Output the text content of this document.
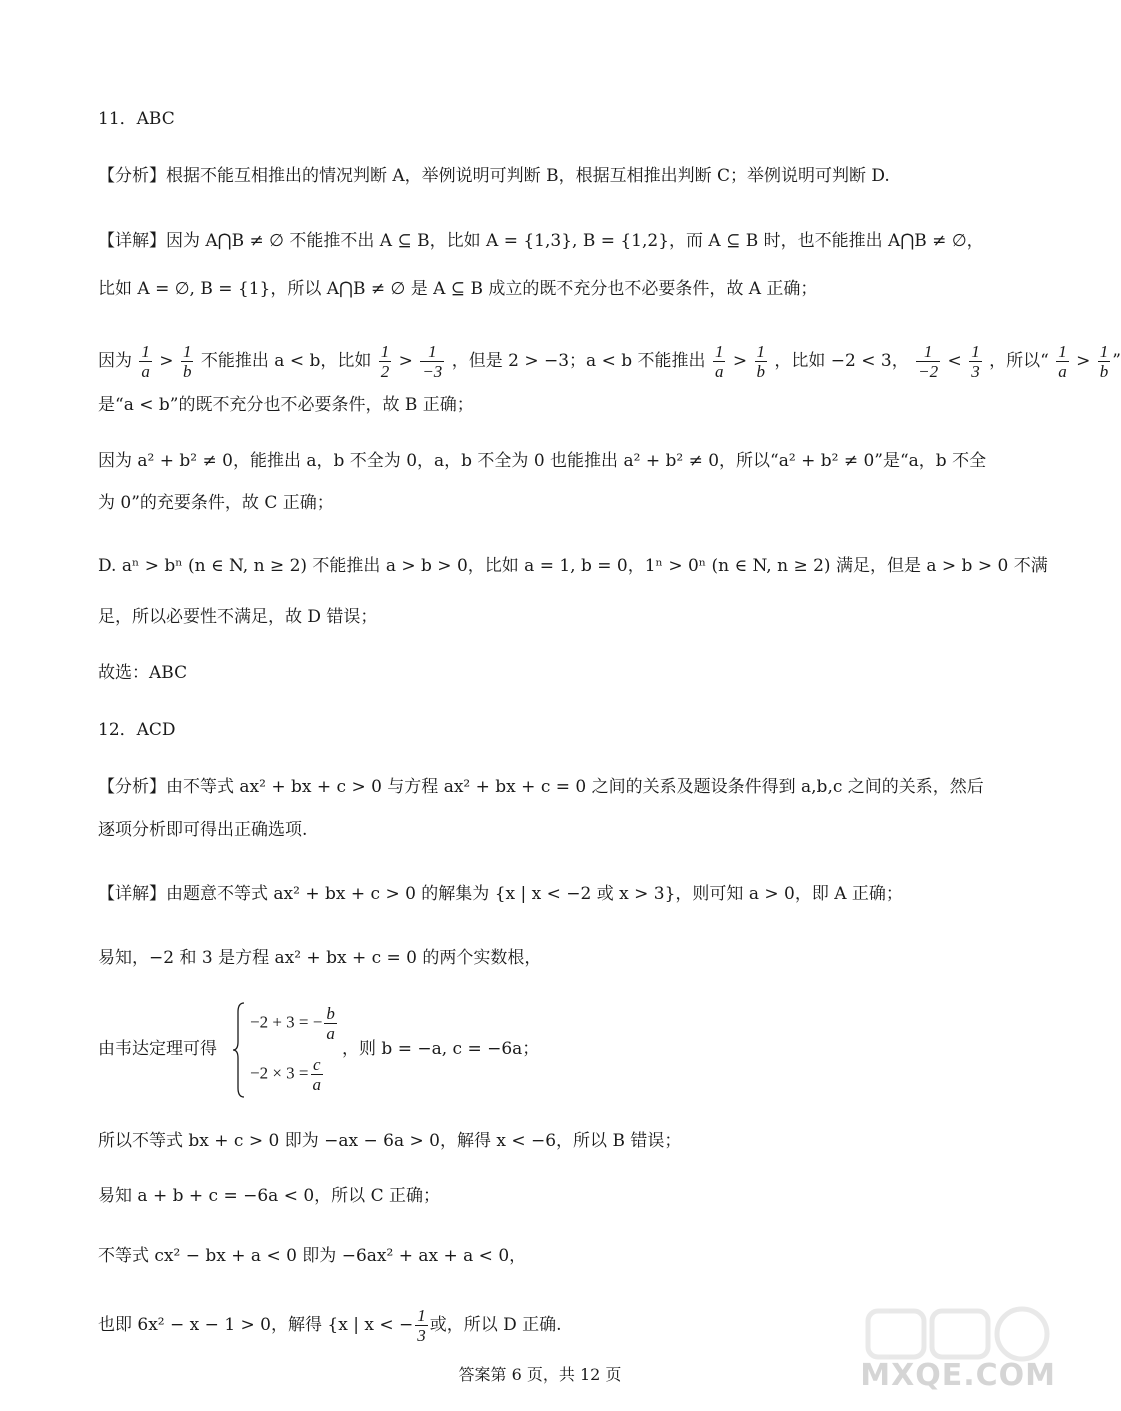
11．ABC
【分析】根据不能互相推出的情况判断 A，举例说明可判断 B，根据互相推出判断 C；举例说明可判断 D.
【详解】因为 A⋂B ≠ ∅ 不能推不出 A ⊆ B，比如 A = {1,3}, B = {1,2}，而 A ⊆ B 时，也不能推出 A⋂B ≠ ∅，
比如 A = ∅, B = {1}，所以 A⋂B ≠ ∅ 是 A ⊆ B 成立的既不充分也不必要条件，故 A 正确；
因为 $\frac{1}{a} > \frac{1}{b}$ 不能推出 a < b，比如 $\frac{1}{2} > \frac{1}{-3}$ ，但是 2 > −3；a < b 不能推出 $\frac{1}{a} > \frac{1}{b}$ ，比如 −2 < 3， $\frac{1}{-2} < \frac{1}{3}$ ，所以“ $\frac{1}{a} > \frac{1}{b}$ ”
是“a < b”的既不充分也不必要条件，故 B 正确；
因为 a² + b² ≠ 0，能推出 a，b 不全为 0，a，b 不全为 0 也能推出 a² + b² ≠ 0，所以“a² + b² ≠ 0”是“a，b 不全
为 0”的充要条件，故 C 正确；
D. aⁿ > bⁿ (n ∈ N, n ≥ 2) 不能推出 a > b > 0，比如 a = 1, b = 0，1ⁿ > 0ⁿ (n ∈ N, n ≥ 2) 满足，但是 a > b > 0 不满
足，所以必要性不满足，故 D 错误；
故选：ABC
12．ACD
【分析】由不等式 ax² + bx + c > 0 与方程 ax² + bx + c = 0 之间的关系及题设条件得到 a,b,c 之间的关系，然后
逐项分析即可得出正确选项.
【详解】由题意不等式 ax² + bx + c > 0 的解集为 {x | x < −2 或 x > 3}，则可知 a > 0，即 A 正确；
易知，−2 和 3 是方程 ax² + bx + c = 0 的两个实数根，
由韦达定理可得
−2 + 3 = − $\frac{b}{a}$
$-2 \times 3 = \frac{c}{a}$
，则 b = −a, c = −6a；
所以不等式 bx + c > 0 即为 −ax − 6a > 0，解得 x < −6，所以 B 错误；
易知 a + b + c = −6a < 0，所以 C 正确；
不等式 cx² − bx + a < 0 即为 −6ax² + ax + a < 0，
也即 6x² − x − 1 > 0，解得 {x | x < − $\frac{1}{3}$ 或，所以 D 正确.
答案第 6 页，共 12 页	MXQE.COM
